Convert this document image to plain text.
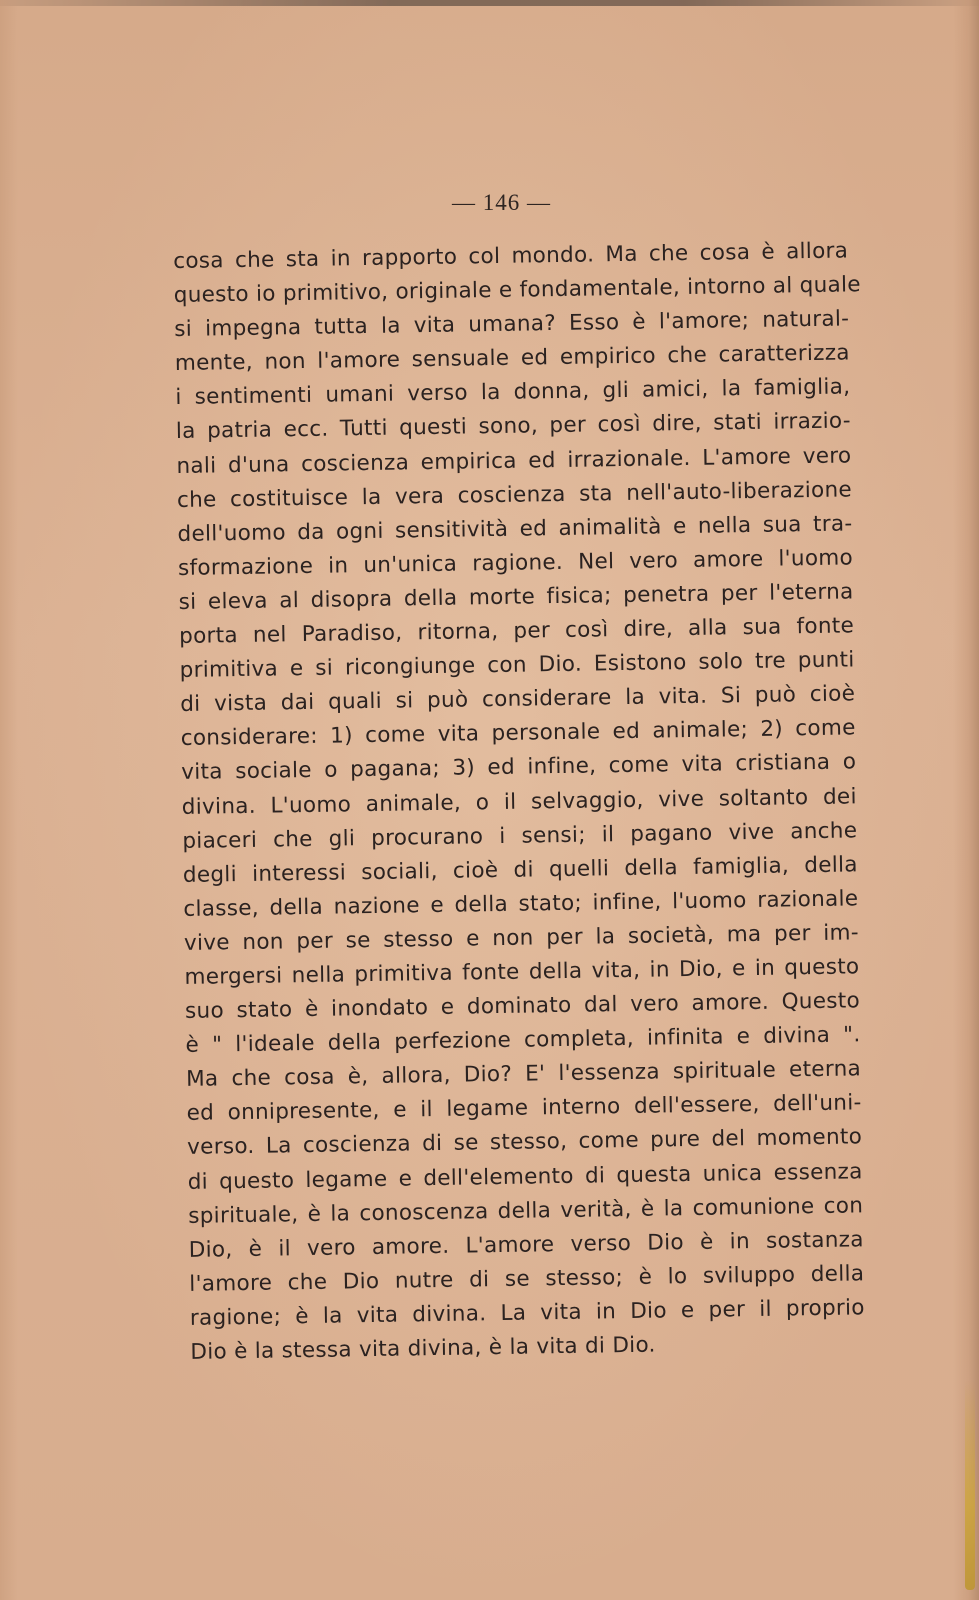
— 146 —
cosa che sta in rapporto col mondo. Ma che cosa è allora
questo io primitivo, originale e fondamentale, intorno al quale
si impegna tutta la vita umana? Esso è l'amore; natural-
mente, non l'amore sensuale ed empirico che caratterizza
i sentimenti umani verso la donna, gli amici, la famiglia,
la patria ecc. Tutti questi sono, per così dire, stati irrazio-
nali d'una coscienza empirica ed irrazionale. L'amore vero
che costituisce la vera coscienza sta nell'auto-liberazione
dell'uomo da ogni sensitività ed animalità e nella sua tra-
sformazione in un'unica ragione. Nel vero amore l'uomo
si eleva al disopra della morte fisica; penetra per l'eterna
porta nel Paradiso, ritorna, per così dire, alla sua fonte
primitiva e si ricongiunge con Dio. Esistono solo tre punti
di vista dai quali si può considerare la vita. Si può cioè
considerare: 1) come vita personale ed animale; 2) come
vita sociale o pagana; 3) ed infine, come vita cristiana o
divina. L'uomo animale, o il selvaggio, vive soltanto dei
piaceri che gli procurano i sensi; il pagano vive anche
degli interessi sociali, cioè di quelli della famiglia, della
classe, della nazione e della stato; infine, l'uomo razionale
vive non per se stesso e non per la società, ma per im-
mergersi nella primitiva fonte della vita, in Dio, e in questo
suo stato è inondato e dominato dal vero amore. Questo
è " l'ideale della perfezione completa, infinita e divina ".
Ma che cosa è, allora, Dio? E' l'essenza spirituale eterna
ed onnipresente, e il legame interno dell'essere, dell'uni-
verso. La coscienza di se stesso, come pure del momento
di questo legame e dell'elemento di questa unica essenza
spirituale, è la conoscenza della verità, è la comunione con
Dio, è il vero amore. L'amore verso Dio è in sostanza
l'amore che Dio nutre di se stesso; è lo sviluppo della
ragione; è la vita divina. La vita in Dio e per il proprio
Dio è la stessa vita divina, è la vita di Dio.
